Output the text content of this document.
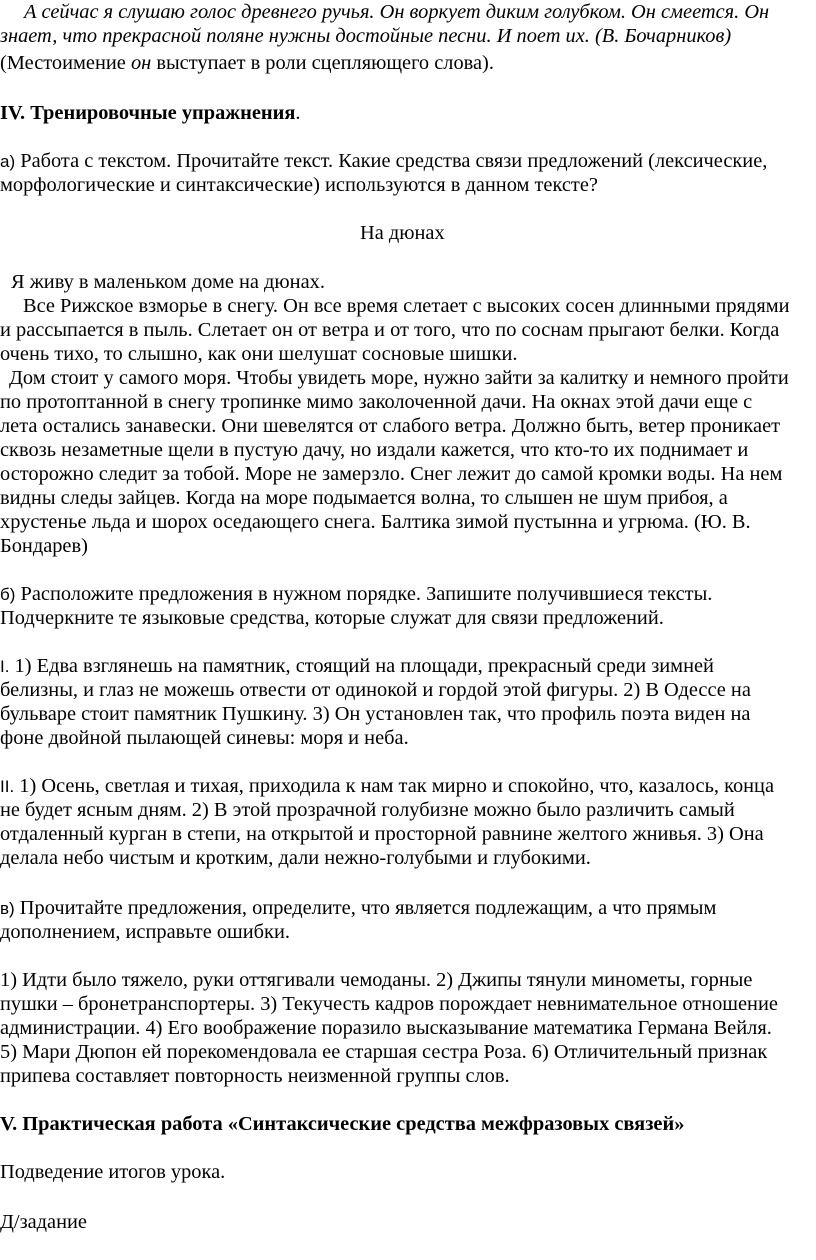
А сейчас я слушаю голос древнего ручья. Он воркует диким голубком. Он смеется. Он
знает, что прекрасной поляне нужны достойные песни. И поет их. (В. Бочарников)
(Местоимение он выступает в роли сцепляющего слова).
IV. Тренировочные упражнения.
а) Работа с текстом. Прочитайте текст. Какие средства связи предложений (лексические,
морфологические и синтаксические) используются в данном тексте?
На дюнах
Я живу в маленьком доме на дюнах.
Все Рижское взморье в снегу. Он все время слетает с высоких сосен длинными прядями
и рассыпается в пыль. Слетает он от ветра и от того, что по соснам прыгают белки. Когда
очень тихо, то слышно, как они шелушат сосновые шишки.
Дом стоит у самого моря. Чтобы увидеть море, нужно зайти за калитку и немного пройти
по протоптанной в снегу тропинке мимо заколоченной дачи. На окнах этой дачи еще с
лета остались занавески. Они шевелятся от слабого ветра. Должно быть, ветер проникает
сквозь незаметные щели в пустую дачу, но издали кажется, что кто-то их поднимает и
осторожно следит за тобой. Море не замерзло. Снег лежит до самой кромки воды. На нем
видны следы зайцев. Когда на море подымается волна, то слышен не шум прибоя, а
хрустенье льда и шорох оседающего снега. Балтика зимой пустынна и угрюма. (Ю. В.
Бондарев)
б) Расположите предложения в нужном порядке. Запишите получившиеся тексты.
Подчеркните те языковые средства, которые служат для связи предложений.
I. 1) Едва взглянешь на памятник, стоящий на площади, прекрасный среди зимней
белизны, и глаз не можешь отвести от одинокой и гордой этой фигуры. 2) В Одессе на
бульваре стоит памятник Пушкину. 3) Он установлен так, что профиль поэта виден на
фоне двойной пылающей синевы: моря и неба.
II. 1) Осень, светлая и тихая, приходила к нам так мирно и спокойно, что, казалось, конца
не будет ясным дням. 2) В этой прозрачной голубизне можно было различить самый
отдаленный курган в степи, на открытой и просторной равнине желтого жнивья. 3) Она
делала небо чистым и кротким, дали нежно-голубыми и глубокими.
в) Прочитайте предложения, определите, что является подлежащим, а что прямым
дополнением, исправьте ошибки.
1) Идти было тяжело, руки оттягивали чемоданы. 2) Джипы тянули минометы, горные
пушки – бронетранспортеры. 3) Текучесть кадров порождает невнимательное отношение
администрации. 4) Его воображение поразило высказывание математика Германа Вейля.
5) Мари Дюпон ей порекомендовала ее старшая сестра Роза. 6) Отличительный признак
припева составляет повторность неизменной группы слов.
V. Практическая работа «Синтаксические средства межфразовых связей»
Подведение итогов урока.
Д/задание
